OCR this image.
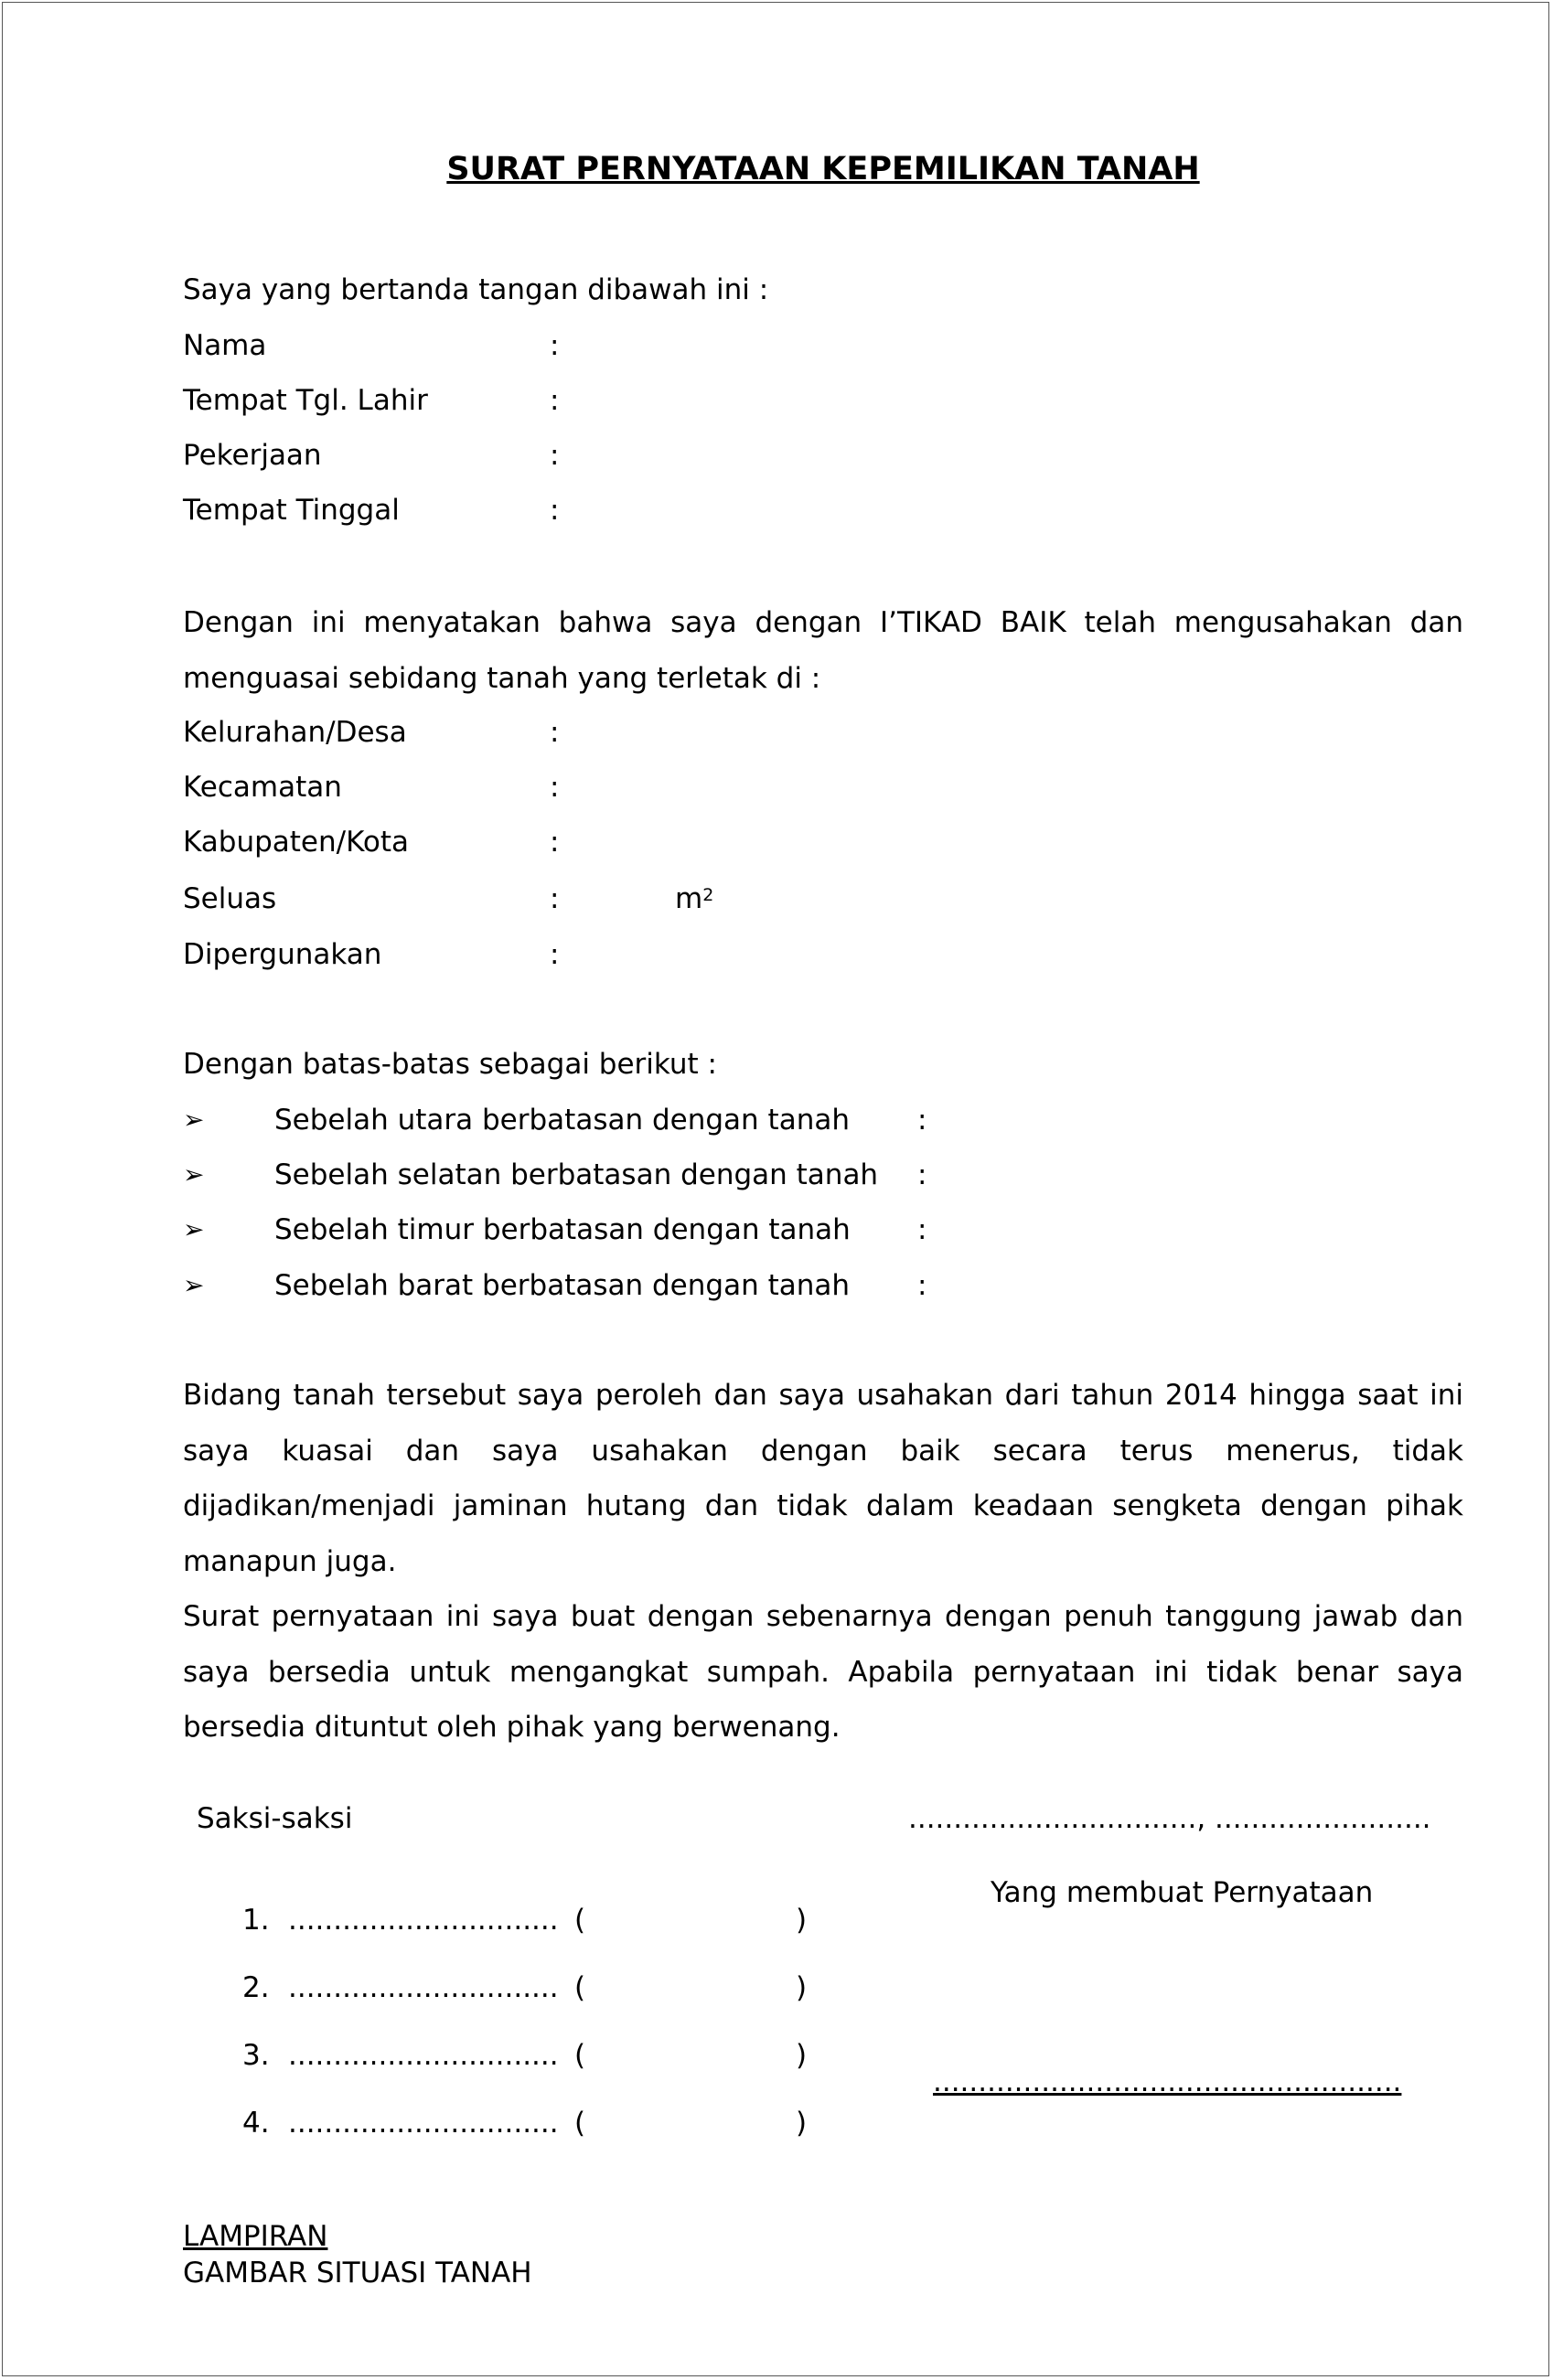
SURAT PERNYATAAN KEPEMILIKAN TANAH
Saya yang bertanda tangan dibawah ini :
Nama	:
Tempat Tgl. Lahir	:
Pekerjaan	:
Tempat Tinggal	:
Dengan ini menyatakan bahwa saya dengan I’TIKAD BAIK telah mengusahakan dan menguasai sebidang tanah yang terletak di :
Kelurahan/Desa	:
Kecamatan	:
Kabupaten/Kota	:
Seluas	:	$m^2$
Dipergunakan	:
Dengan batas-batas sebagai berikut :
➢ Sebelah utara berbatasan dengan tanah :
➢ Sebelah selatan berbatasan dengan tanah :
➢ Sebelah timur berbatasan dengan tanah :
➢ Sebelah barat berbatasan dengan tanah :
Bidang tanah tersebut saya peroleh dan saya usahakan dari tahun 2014 hingga saat ini saya kuasai dan saya usahakan dengan baik secara terus menerus, tidak dijadikan/menjadi jaminan hutang dan tidak dalam keadaan sengketa dengan pihak manapun juga.
Surat pernyataan ini saya buat dengan sebenarnya dengan penuh tanggung jawab dan saya bersedia untuk mengangkat sumpah. Apabila pernyataan ini tidak benar saya bersedia dituntut oleh pihak yang berwenang.
Saksi-saksi	................................, ........................
Yang membuat Pernyataan
1. .............................. (	)
2. .............................. (	)
3. .............................. (	)
4. .............................. (	)
....................................................
LAMPIRAN
GAMBAR SITUASI TANAH
